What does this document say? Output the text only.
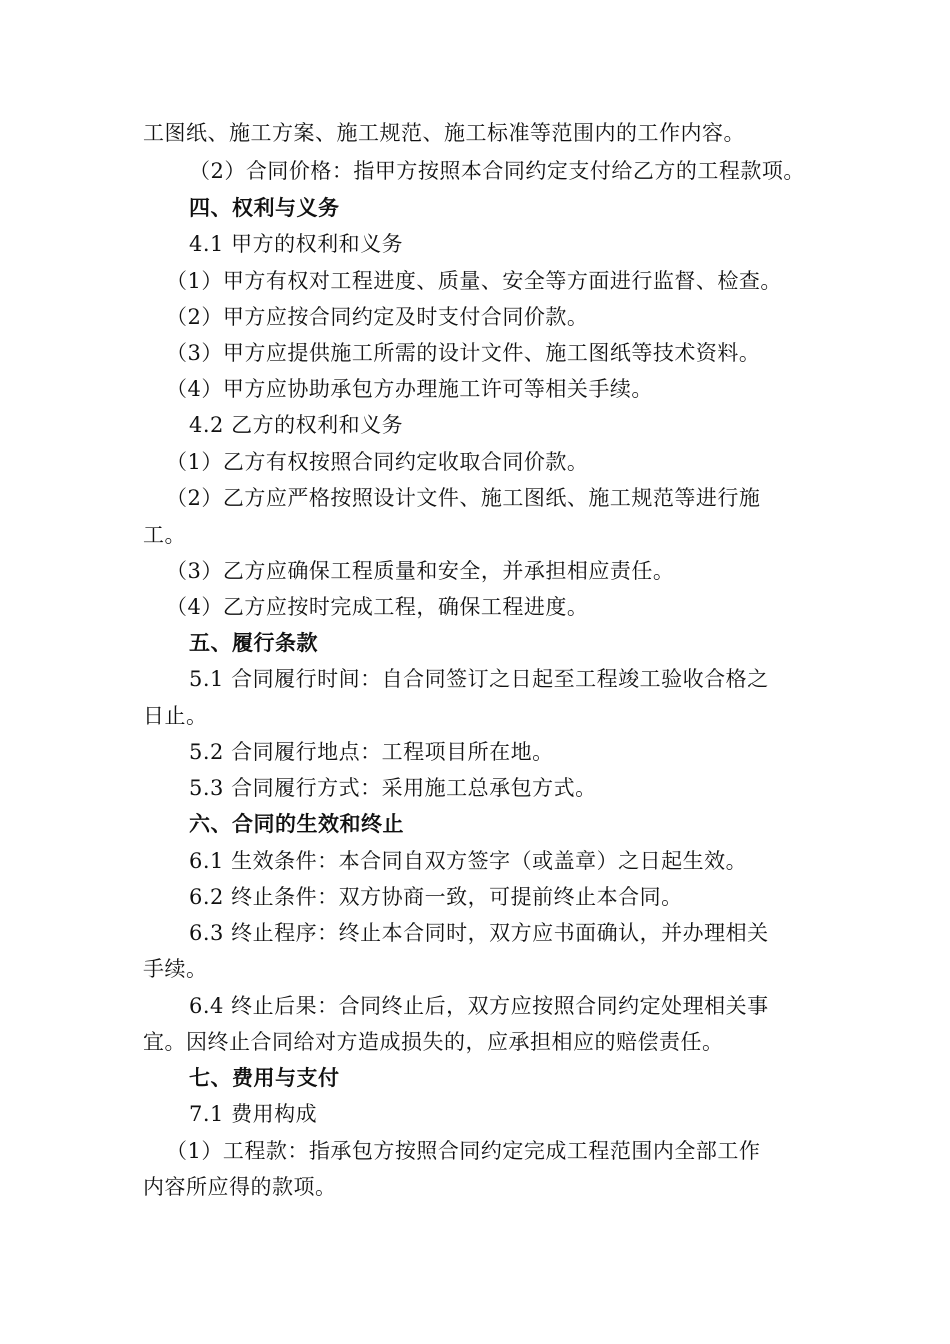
工图纸、施工方案、施工规范、施工标准等范围内的工作内容。
（2）合同价格：指甲方按照本合同约定支付给乙方的工程款项。
四、权利与义务
4.1 甲方的权利和义务
（1）甲方有权对工程进度、质量、安全等方面进行监督、检查。
（2）甲方应按合同约定及时支付合同价款。
（3）甲方应提供施工所需的设计文件、施工图纸等技术资料。
（4）甲方应协助承包方办理施工许可等相关手续。
4.2 乙方的权利和义务
（1）乙方有权按照合同约定收取合同价款。
（2）乙方应严格按照设计文件、施工图纸、施工规范等进行施
工。
（3）乙方应确保工程质量和安全，并承担相应责任。
（4）乙方应按时完成工程，确保工程进度。
五、履行条款
5.1 合同履行时间：自合同签订之日起至工程竣工验收合格之
日止。
5.2 合同履行地点：工程项目所在地。
5.3 合同履行方式：采用施工总承包方式。
六、合同的生效和终止
6.1 生效条件：本合同自双方签字（或盖章）之日起生效。
6.2 终止条件：双方协商一致，可提前终止本合同。
6.3 终止程序：终止本合同时，双方应书面确认，并办理相关
手续。
6.4 终止后果：合同终止后，双方应按照合同约定处理相关事
宜。因终止合同给对方造成损失的，应承担相应的赔偿责任。
七、费用与支付
7.1 费用构成
（1）工程款：指承包方按照合同约定完成工程范围内全部工作
内容所应得的款项。
